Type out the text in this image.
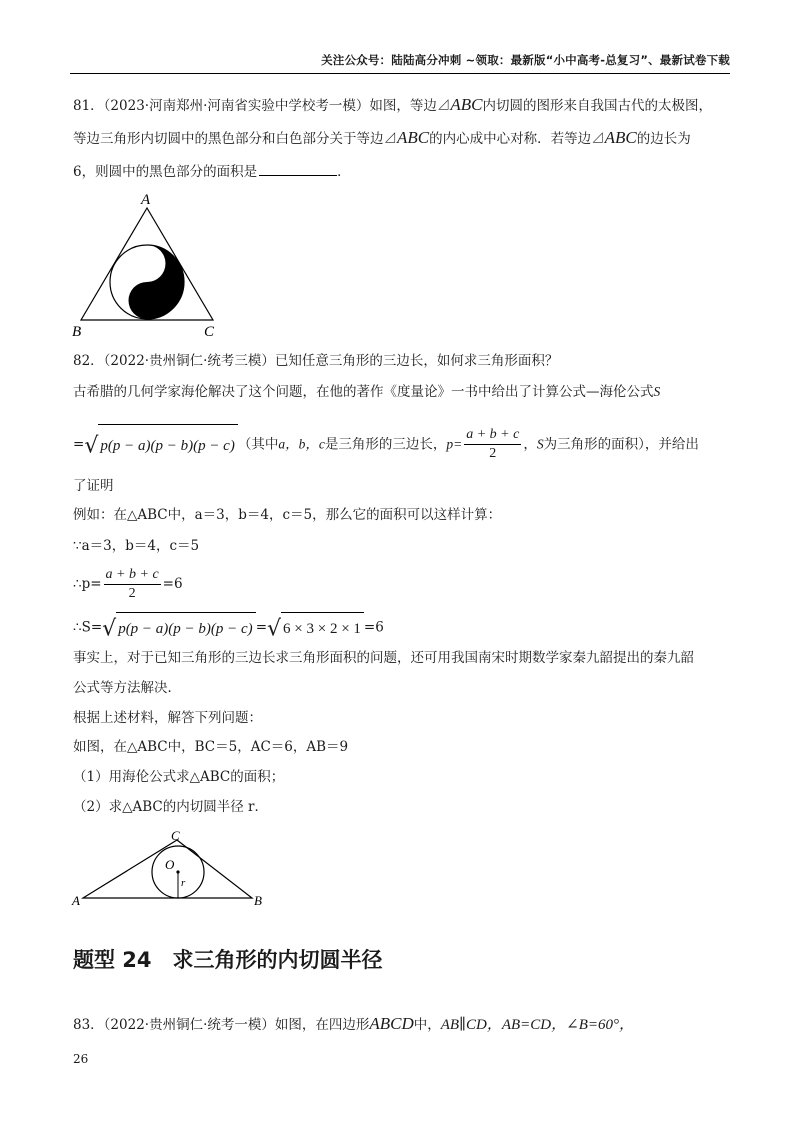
关注公众号：陆陆高分冲刺 ~领取：最新版“小中高考-总复习”、最新试卷下载
81．（2023·河南郑州·河南省实验中学校考一模）如图，等边⊿ABC内切圆的图形来自我国古代的太极图，
等边三角形内切圆中的黑色部分和白色部分关于等边⊿ABC的内心成中心对称．若等边⊿ABC的边长为
6，则圆中的黑色部分的面积是	．
A
B	C
82．（2022·贵州铜仁·统考三模）已知任意三角形的三边长，如何求三角形面积？
古希腊的几何学家海伦解决了这个问题，在他的著作《度量论》一书中给出了计算公式—海伦公式S
=√ p(p − a)(p − b)(p − c) （其中a，b，c是三角形的三边长，$p= \frac{a + b + c}{2}$ ，S为三角形的面积），并给出
了证明
例如：在△ABC中，a＝3，b＝4，c＝5，那么它的面积可以这样计算：
∵a＝3，b＝4，c＝5
∴p= $\frac{a + b + c}{2} =6$
∴S=√ p(p − a)(p − b)(p − c) =√ 6 × 3 × 2 × 1 =6
事实上，对于已知三角形的三边长求三角形面积的问题，还可用我国南宋时期数学家秦九韶提出的秦九韶
公式等方法解决．
根据上述材料，解答下列问题：
如图，在△ABC中，BC＝5，AC＝6，AB＝9
（1）用海伦公式求△ABC的面积；
（2）求△ABC的内切圆半径 r．
C
O
r
A	B
题型 24　求三角形的内切圆半径
83．（2022·贵州铜仁·统考一模）如图，在四边形ABCD中，AB∥CD，AB=CD，∠B=60°，
26
